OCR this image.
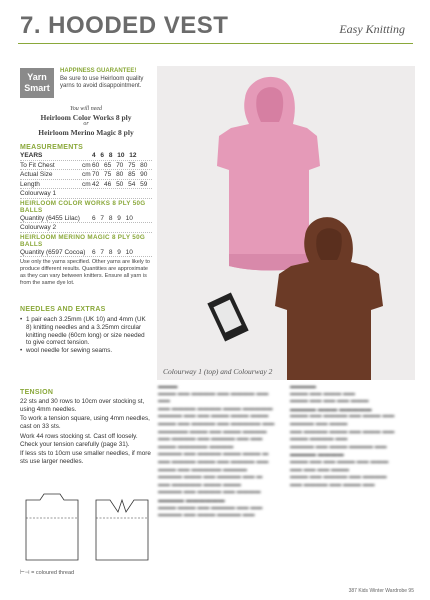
7. HOODED VEST	Easy Knitting
Yarn
Smart
HAPPINESS GUARANTEE!
Be sure to use Heirloom quality yarns to avoid disappointment.
You will need
Heirloom Color Works 8 ply
or
Heirloom Merino Magic 8 ply
MEASUREMENTS
YEARS	4 6 8 10 12
To Fit Chest	cm 60 65 70 75 80
Actual Size	cm 70 75 80 85 90
Length	cm 42 46 50 54 59
Colourway 1
HEIRLOOM COLOR WORKS 8 PLY 50G BALLS
Quantity (6455 Lilac) 6 7 8 9 10
Colourway 2
HEIRLOOM MERINO MAGIC 8 PLY 50G BALLS
Quantity (6597 Cocoa) 6 7 8 9 10
Use only the yarns specified. Other yarns are likely to produce different results. Quantities are approximate as they can vary between knitters. Ensure all yarn is from the same dye lot.
Colourway 1 (top) and Colourway 2
NEEDLES AND EXTRAS
• 1 pair each 3.25mm (UK 10) and 4mm (UK 8) knitting needles and a 3.25mm circular knitting needle (60cm long) or size needed to give correct tension.
• wool needle for sewing seams.
TENSION

22 sts and 30 rows to 10cm over stocking st, using 4mm needles.

To work a tension square, using 4mm needles, cast on 33 sts.

Work 44 rows stocking st. Cast off loosely. Check your tension carefully (page 31).

If less sts to 10cm use smaller needles, if more sts use larger needles.

▬▬▬
▬▬▬ ▬▬ ▬▬▬▬ ▬▬ ▬▬▬▬ ▬▬ ▬▬
▬▬ ▬▬▬▬ ▬▬▬▬ ▬▬▬ ▬▬▬▬▬
▬▬▬▬ ▬▬ ▬▬ ▬▬▬ ▬▬▬ ▬▬▬
▬▬▬ ▬▬ ▬▬▬▬ ▬▬ ▬▬▬▬▬ ▬▬
▬▬▬▬▬ ▬▬▬ ▬▬ ▬▬▬ ▬▬▬▬
▬▬ ▬▬▬▬ ▬▬ ▬▬▬▬ ▬▬ ▬▬
▬▬▬ ▬▬▬▬▬ ▬▬▬▬
▬▬▬▬ ▬▬ ▬▬▬▬ ▬▬▬ ▬▬▬ ▬
▬▬ ▬▬▬▬ ▬▬▬ ▬▬ ▬▬▬▬ ▬▬
▬▬▬ ▬▬ ▬▬▬▬▬ ▬▬▬▬
▬▬▬▬ ▬▬▬ ▬▬ ▬▬▬▬ ▬▬ ▬
▬▬ ▬▬▬▬▬ ▬▬▬ ▬▬▬
▬▬▬▬ ▬▬ ▬▬▬▬ ▬▬ ▬▬▬▬

▬▬▬▬ ▬▬▬▬▬▬
▬▬▬ ▬▬▬ ▬▬ ▬▬▬▬ ▬▬ ▬▬
▬▬▬▬ ▬▬ ▬▬▬ ▬▬▬▬ ▬▬
▬▬▬▬
▬▬▬ ▬▬ ▬▬▬ ▬▬
▬▬▬ ▬▬ ▬▬ ▬▬ ▬▬▬

▬▬▬▬ ▬▬▬ ▬▬▬▬▬
▬▬▬ ▬▬ ▬▬▬▬ ▬▬ ▬▬▬ ▬▬
▬▬▬▬ ▬▬ ▬▬▬
▬▬ ▬▬▬▬ ▬▬▬ ▬▬ ▬▬▬ ▬▬
▬▬▬ ▬▬▬▬ ▬▬
▬▬▬▬ ▬▬ ▬▬▬ ▬▬▬▬ ▬▬

▬▬▬▬ ▬▬▬▬
▬▬▬ ▬▬ ▬▬ ▬▬▬ ▬▬ ▬▬▬
▬▬ ▬▬ ▬▬ ▬▬▬
▬▬▬ ▬▬ ▬▬▬▬ ▬▬ ▬▬▬▬
▬▬ ▬▬▬▬ ▬▬ ▬▬▬ ▬▬
⊢⊣ = coloured thread
387 Kids Winter Wardrobe 95
